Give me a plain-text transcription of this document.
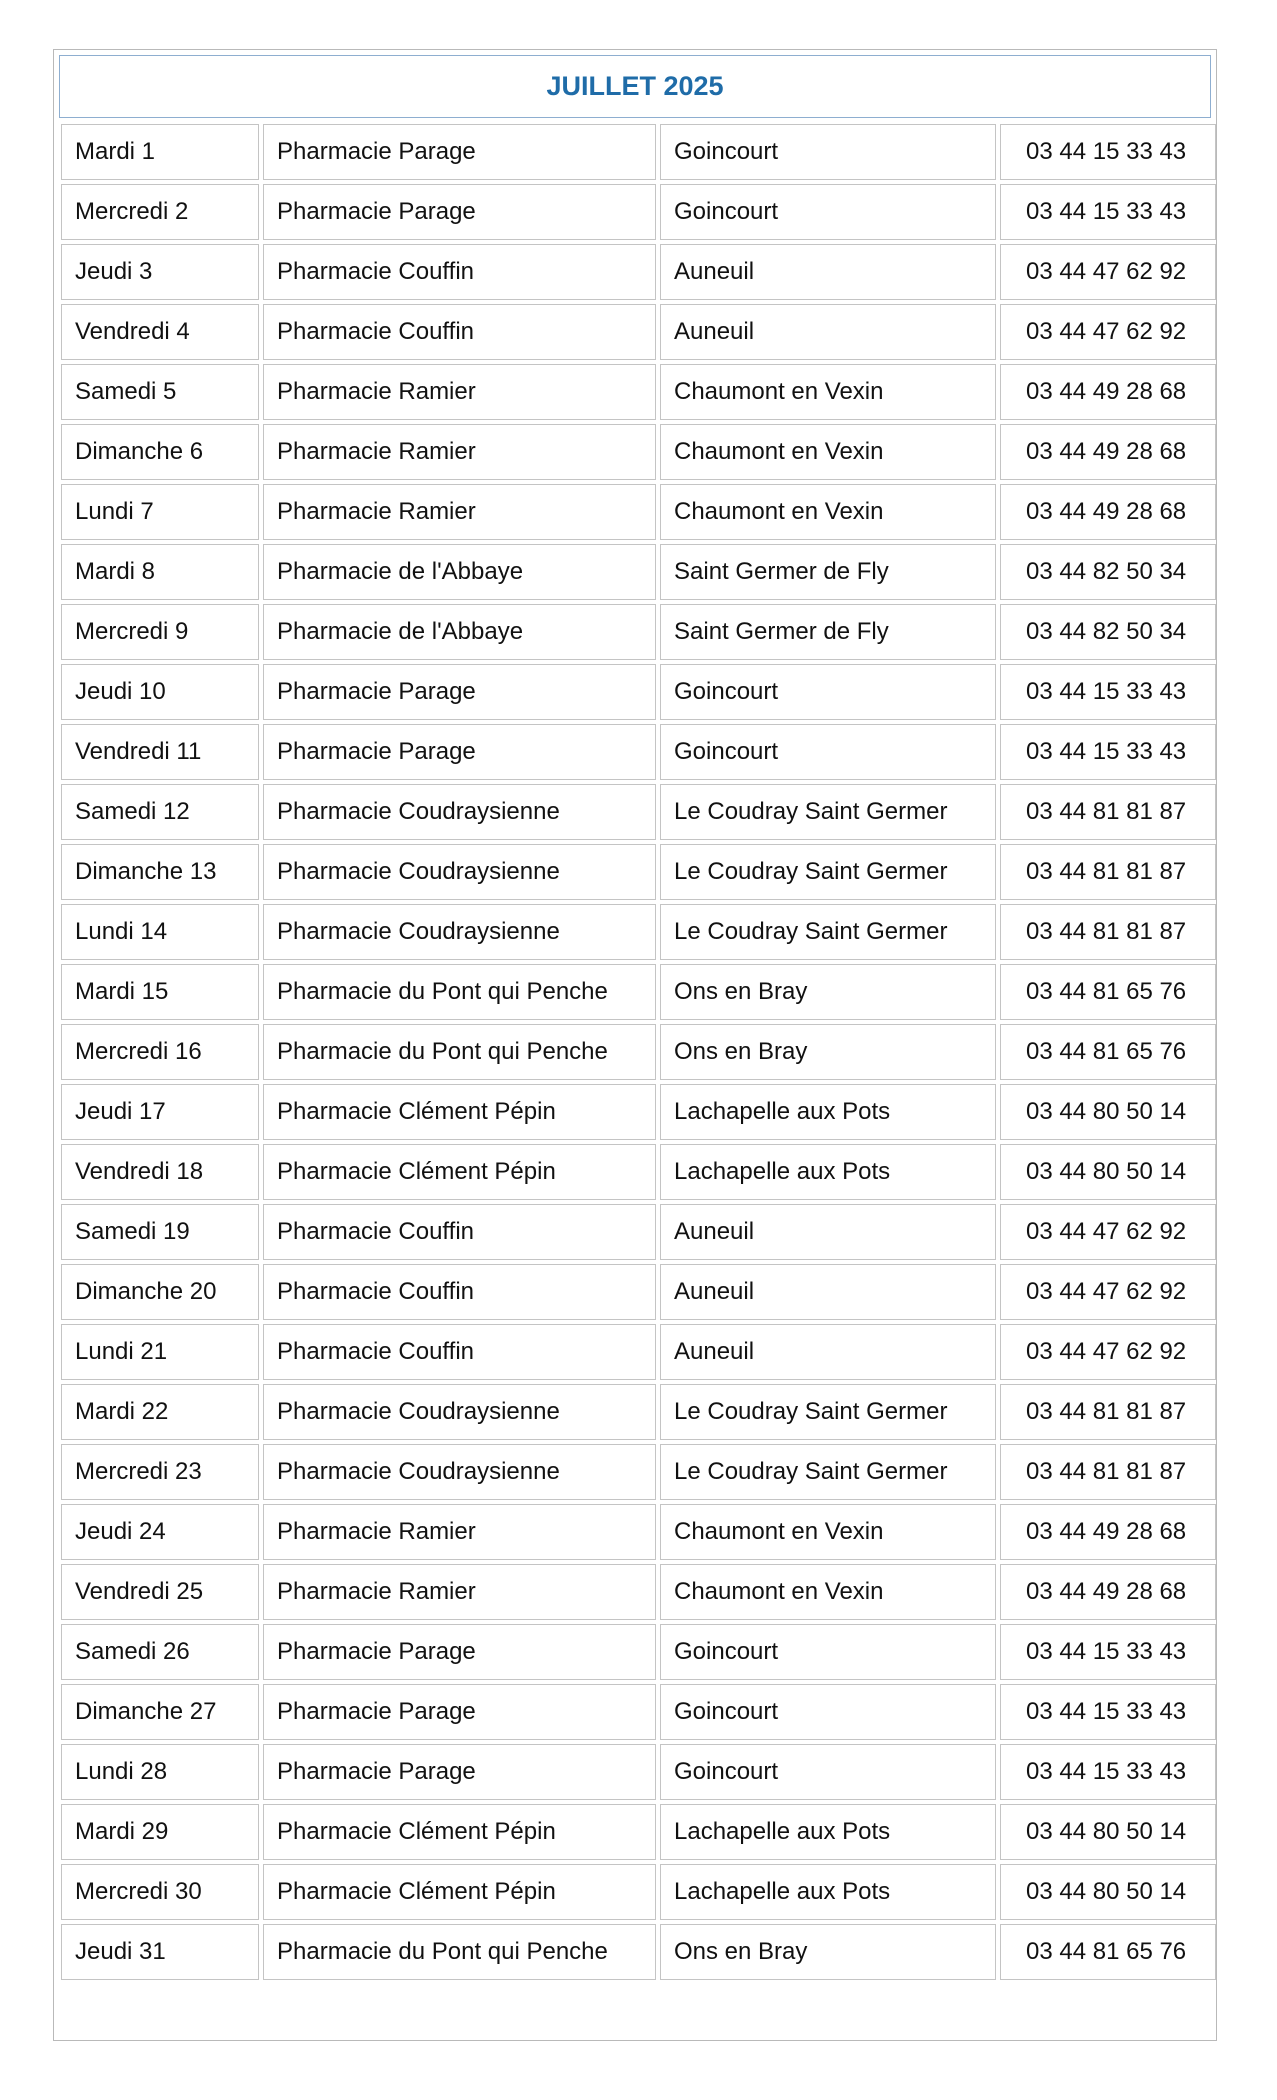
JUILLET 2025
Mardi 1	Pharmacie Parage	Goincourt	03 44 15 33 43
Mercredi 2	Pharmacie Parage	Goincourt	03 44 15 33 43
Jeudi 3	Pharmacie Couffin	Auneuil	03 44 47 62 92
Vendredi 4	Pharmacie Couffin	Auneuil	03 44 47 62 92
Samedi 5	Pharmacie Ramier	Chaumont en Vexin	03 44 49 28 68
Dimanche 6	Pharmacie Ramier	Chaumont en Vexin	03 44 49 28 68
Lundi 7	Pharmacie Ramier	Chaumont en Vexin	03 44 49 28 68
Mardi 8	Pharmacie de l'Abbaye	Saint Germer de Fly	03 44 82 50 34
Mercredi 9	Pharmacie de l'Abbaye	Saint Germer de Fly	03 44 82 50 34
Jeudi 10	Pharmacie Parage	Goincourt	03 44 15 33 43
Vendredi 11	Pharmacie Parage	Goincourt	03 44 15 33 43
Samedi 12	Pharmacie Coudraysienne	Le Coudray Saint Germer	03 44 81 81 87
Dimanche 13	Pharmacie Coudraysienne	Le Coudray Saint Germer	03 44 81 81 87
Lundi 14	Pharmacie Coudraysienne	Le Coudray Saint Germer	03 44 81 81 87
Mardi 15	Pharmacie du Pont qui Penche	Ons en Bray	03 44 81 65 76
Mercredi 16	Pharmacie du Pont qui Penche	Ons en Bray	03 44 81 65 76
Jeudi 17	Pharmacie Clément Pépin	Lachapelle aux Pots	03 44 80 50 14
Vendredi 18	Pharmacie Clément Pépin	Lachapelle aux Pots	03 44 80 50 14
Samedi 19	Pharmacie Couffin	Auneuil	03 44 47 62 92
Dimanche 20	Pharmacie Couffin	Auneuil	03 44 47 62 92
Lundi 21	Pharmacie Couffin	Auneuil	03 44 47 62 92
Mardi 22	Pharmacie Coudraysienne	Le Coudray Saint Germer	03 44 81 81 87
Mercredi 23	Pharmacie Coudraysienne	Le Coudray Saint Germer	03 44 81 81 87
Jeudi 24	Pharmacie Ramier	Chaumont en Vexin	03 44 49 28 68
Vendredi 25	Pharmacie Ramier	Chaumont en Vexin	03 44 49 28 68
Samedi 26	Pharmacie Parage	Goincourt	03 44 15 33 43
Dimanche 27	Pharmacie Parage	Goincourt	03 44 15 33 43
Lundi 28	Pharmacie Parage	Goincourt	03 44 15 33 43
Mardi 29	Pharmacie Clément Pépin	Lachapelle aux Pots	03 44 80 50 14
Mercredi 30	Pharmacie Clément Pépin	Lachapelle aux Pots	03 44 80 50 14
Jeudi 31	Pharmacie du Pont qui Penche	Ons en Bray	03 44 81 65 76
